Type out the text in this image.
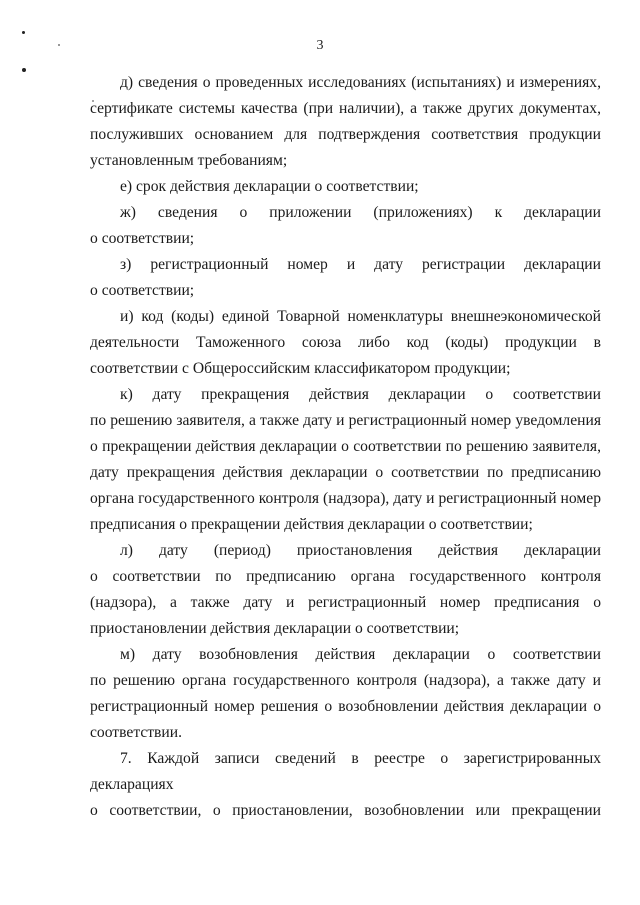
3

д) сведения о проведенных исследованиях (испытаниях) и измерениях, сертификате системы качества (при наличии), а также других документах, послуживших основанием для подтверждения соответствия продукции установленным требованиям;

е) срок действия декларации о соответствии;

ж) сведения о приложении (приложениях) к декларации

о соответствии;

з) регистрационный номер и дату регистрации декларации

о соответствии;

и) код (коды) единой Товарной номенклатуры внешнеэкономической деятельности Таможенного союза либо код (коды) продукции в соответствии с Общероссийским классификатором продукции;

к) дату прекращения действия декларации о соответствии

по решению заявителя, а также дату и регистрационный номер уведомления о прекращении действия декларации о соответствии по решению заявителя, дату прекращения действия декларации о соответствии по предписанию органа государственного контроля (надзора), дату и регистрационный номер предписания о прекращении действия декларации о соответствии;

л) дату (период) приостановления действия декларации

о соответствии по предписанию органа государственного контроля (надзора), а также дату и регистрационный номер предписания о приостановлении действия декларации о соответствии;

м) дату возобновления действия декларации о соответствии

по решению органа государственного контроля (надзора), а также дату и регистрационный номер решения о возобновлении действия декларации о соответствии.

7. Каждой записи сведений в реестре о зарегистрированных декларациях

о соответствии, о приостановлении, возобновлении или прекращении
